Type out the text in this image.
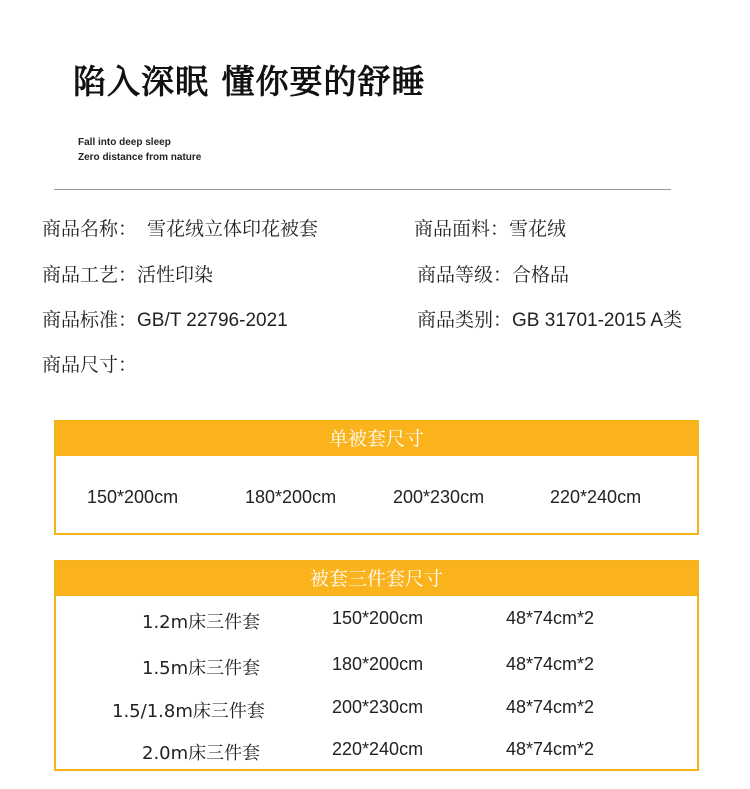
陷入深眠 懂你要的舒睡
Fall into deep sleep
Zero distance from nature
商品名称： 雪花绒立体印花被套	商品面料：雪花绒
商品工艺：活性印染	商品等级：合格品
商品标准：GB/T 22796-2021	商品类别：GB 31701-2015 A类
商品尺寸：
单被套尺寸
150*200cm	180*200cm	200*230cm	220*240cm
被套三件套尺寸
1.2m床三件套	150*200cm	48*74cm*2
1.5m床三件套	180*200cm	48*74cm*2
1.5/1.8m床三件套	200*230cm	48*74cm*2
2.0m床三件套	220*240cm	48*74cm*2
